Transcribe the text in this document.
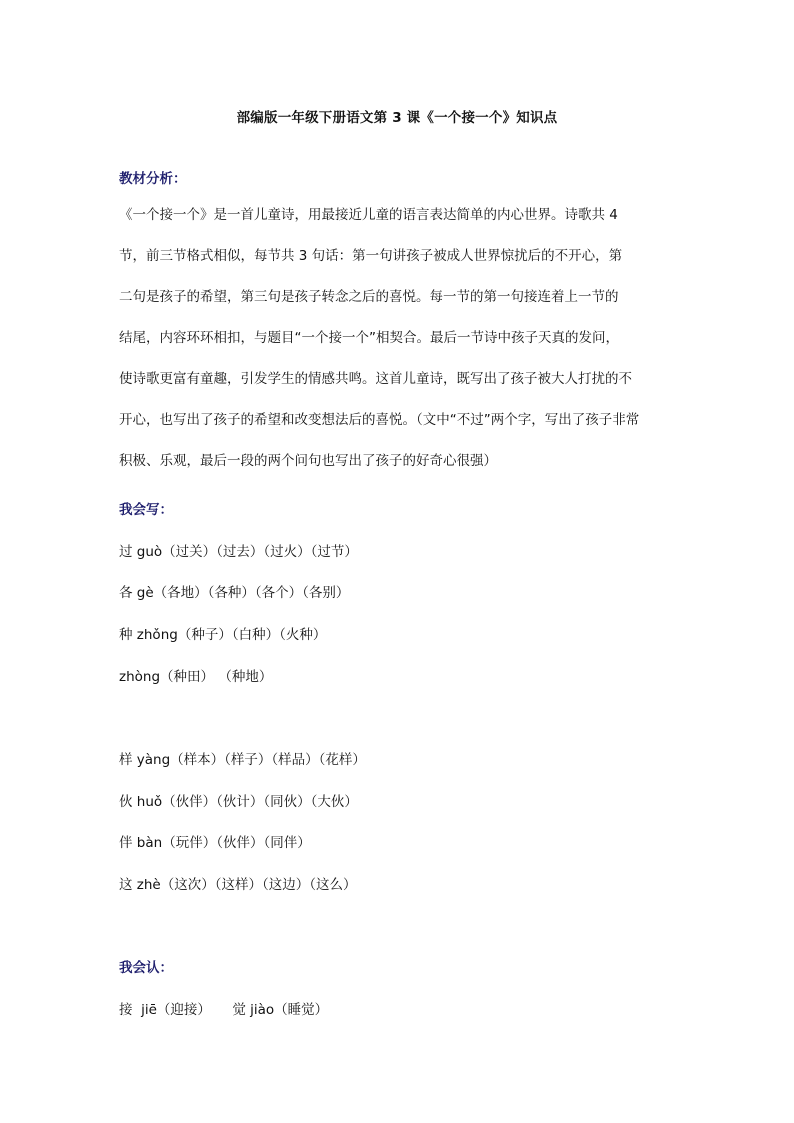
部编版一年级下册语文第 3 课《一个接一个》知识点
教材分析：
《一个接一个》是一首儿童诗，用最接近儿童的语言表达简单的内心世界。诗歌共 4
节，前三节格式相似，每节共 3 句话：第一句讲孩子被成人世界惊扰后的不开心，第
二句是孩子的希望，第三句是孩子转念之后的喜悦。每一节的第一句接连着上一节的
结尾，内容环环相扣，与题目“一个接一个”相契合。最后一节诗中孩子天真的发问，
使诗歌更富有童趣，引发学生的情感共鸣。这首儿童诗，既写出了孩子被大人打扰的不
开心，也写出了孩子的希望和改变想法后的喜悦。（文中“不过”两个字，写出了孩子非常
积极、乐观，最后一段的两个问句也写出了孩子的好奇心很强）
我会写：
过 guò（过关）（过去）（过火）（过节）
各 gè（各地）（各种）（各个）（各别）
种 zhǒng（种子）（白种）（火种）
zhòng（种田） （种地）
样 yàng（样本）（样子）（样品）（花样）
伙 huǒ（伙伴）（伙计）（同伙）（大伙）
伴 bàn（玩伴）（伙伴）（同伴）
这 zhè（这次）（这样）（这边）（这么）
我会认：
接  jiē（迎接）     觉 jiào（睡觉）
